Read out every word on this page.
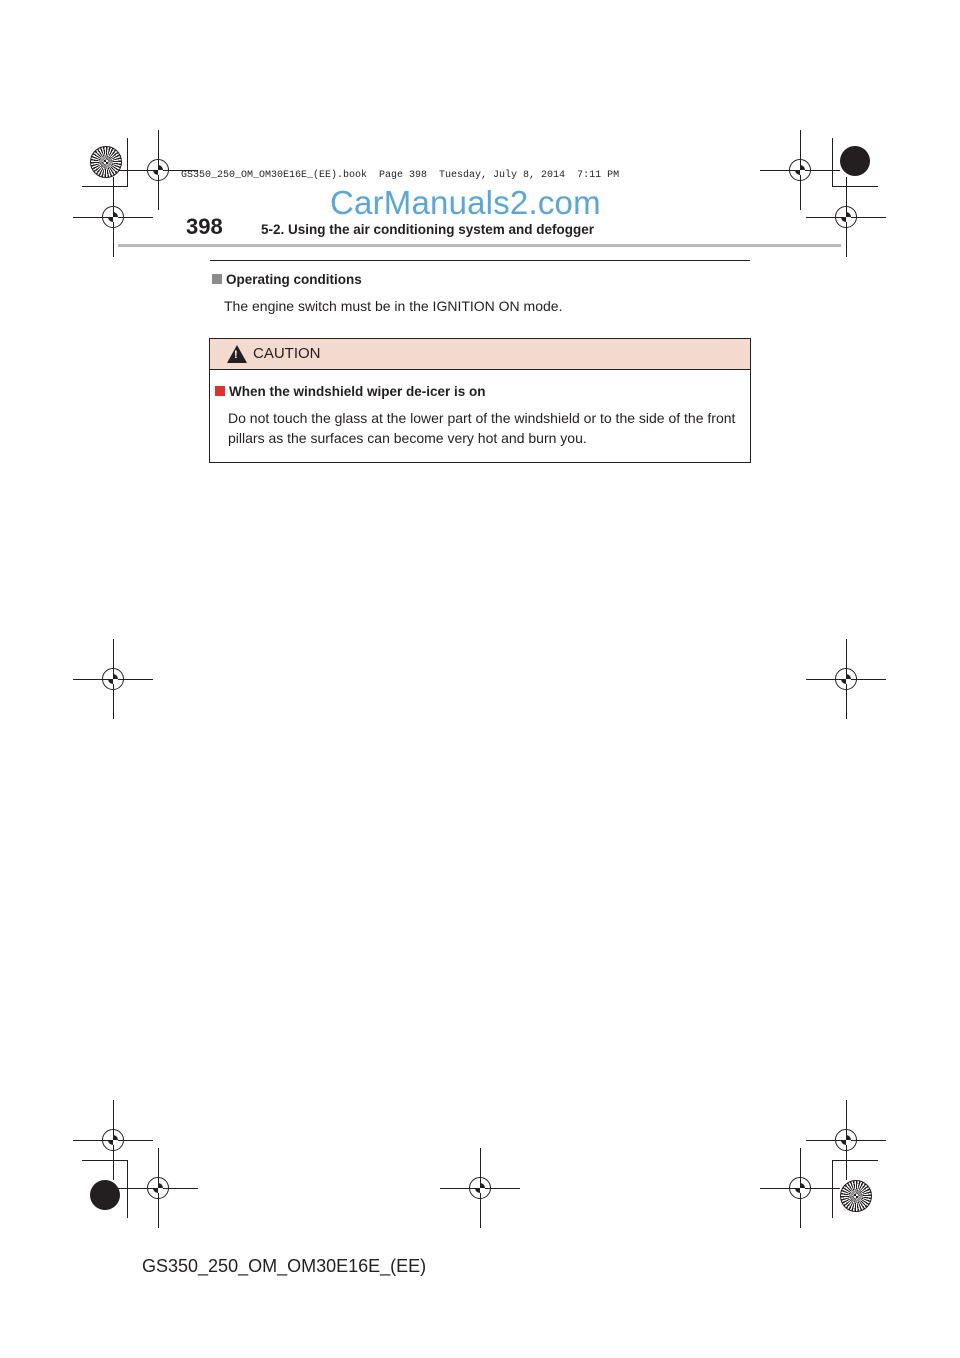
GS350_250_OM_OM30E16E_(EE).book  Page 398  Tuesday, July 8, 2014  7:11 PM
CarManuals2.com
398	5-2. Using the air conditioning system and defogger
Operating conditions
The engine switch must be in the IGNITION ON mode.
! CAUTION
When the windshield wiper de-icer is on
Do not touch the glass at the lower part of the windshield or to the side of the front pillars as the surfaces can become very hot and burn you.
GS350_250_OM_OM30E16E_(EE)
